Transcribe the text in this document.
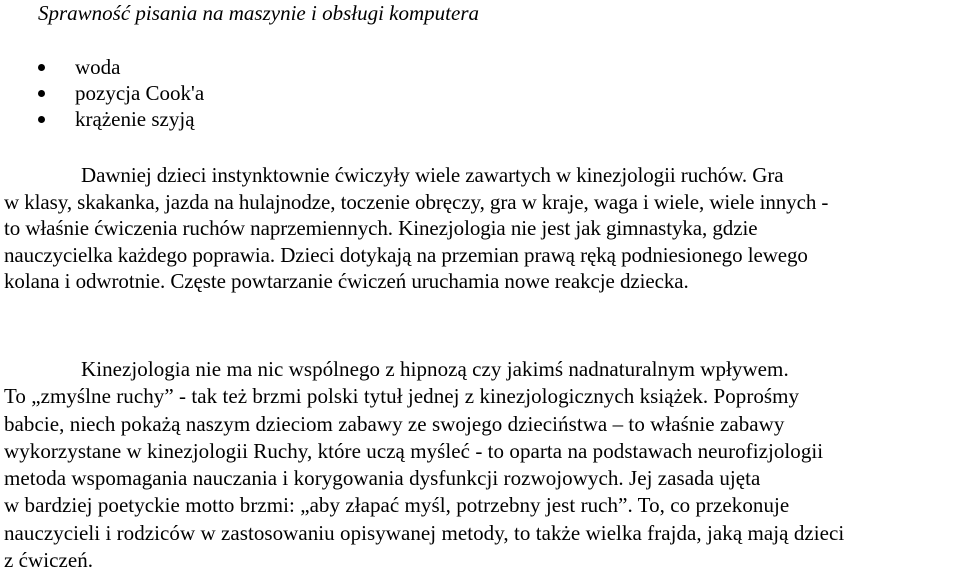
Sprawność pisania na maszynie i obsługi komputera
woda
pozycja Cook'a
krążenie szyją

Dawniej dzieci instynktownie ćwiczyły wiele zawartych w kinezjologii ruchów. Gra
w klasy, skakanka, jazda na hulajnodze, toczenie obręczy, gra w kraje, waga i wiele, wiele innych -
to właśnie ćwiczenia ruchów naprzemiennych. Kinezjologia nie jest jak gimnastyka, gdzie
nauczycielka każdego poprawia. Dzieci dotykają na przemian prawą ręką podniesionego lewego
kolana i odwrotnie. Częste powtarzanie ćwiczeń uruchamia nowe reakcje dziecka.

Kinezjologia nie ma nic wspólnego z hipnozą czy jakimś nadnaturalnym wpływem.
To „zmyślne ruchy” - tak też brzmi polski tytuł jednej z kinezjologicznych książek. Poprośmy
babcie, niech pokażą naszym dzieciom zabawy ze swojego dzieciństwa – to właśnie zabawy
wykorzystane w kinezjologii Ruchy, które uczą myśleć - to oparta na podstawach neurofizjologii
metoda wspomagania nauczania i korygowania dysfunkcji rozwojowych. Jej zasada ujęta
w bardziej poetyckie motto brzmi: „aby złapać myśl, potrzebny jest ruch”. To, co przekonuje
nauczycieli i rodziców w zastosowaniu opisywanej metody, to także wielka frajda, jaką mają dzieci
z ćwiczeń.
